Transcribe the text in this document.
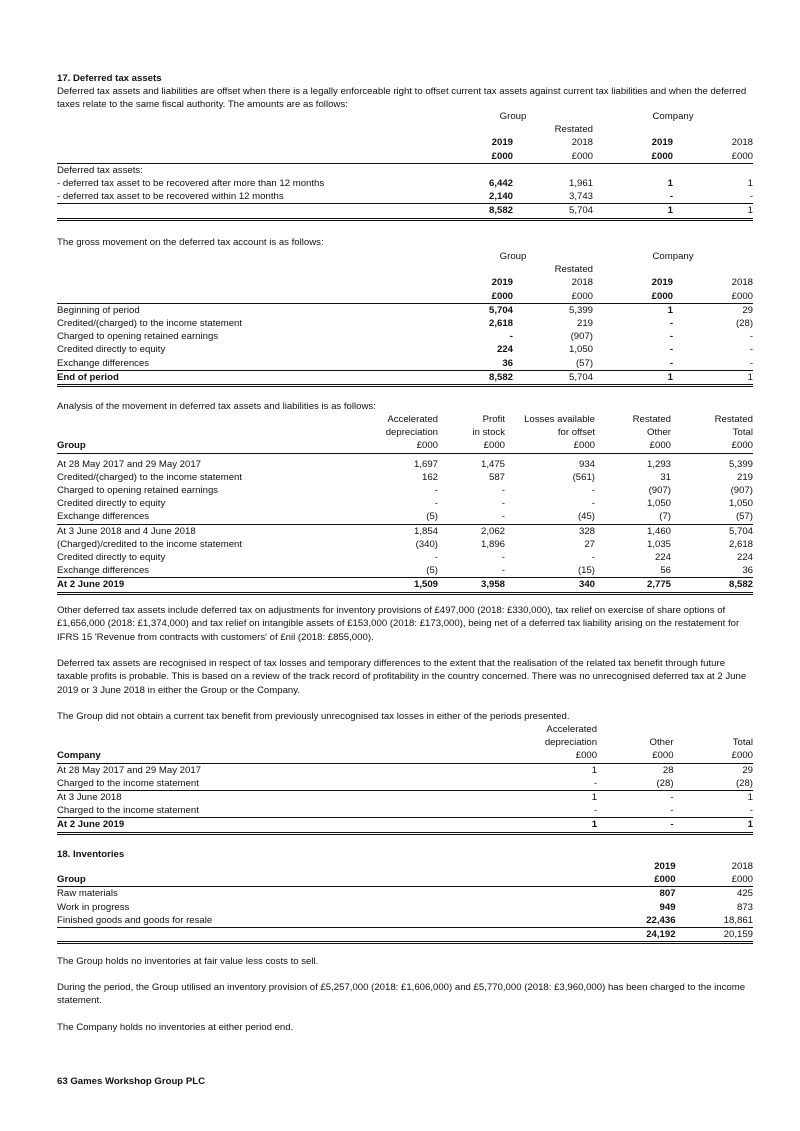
17. Deferred tax assets

Deferred tax assets and liabilities are offset when there is a legally enforceable right to offset current tax assets against current tax liabilities and when the deferred taxes relate to the same fiscal authority. The amounts are as follows:

	Group		Company	
		Restated		
	2019	2018	2019	2018
	£000	£000	£000	£000
Deferred tax assets:				
- deferred tax asset to be recovered after more than 12 months	6,442	1,961	1	1
- deferred tax asset to be recovered within 12 months	2,140	3,743	-	-
	8,582	5,704	1	1

The gross movement on the deferred tax account is as follows:

	Group		Company	
		Restated		
	2019	2018	2019	2018
	£000	£000	£000	£000
Beginning of period	5,704	5,399	1	29
Credited/(charged) to the income statement	2,618	219	-	(28)
Charged to opening retained earnings	-	(907)	-	-
Credited directly to equity	224	1,050	-	-
Exchange differences	36	(57)	-	-
End of period	8,582	5,704	1	1

Analysis of the movement in deferred tax assets and liabilities is as follows:

	Accelerated	Profit	Losses available	Restated	Restated
	depreciation	in stock	for offset	Other	Total
Group	£000	£000	£000	£000	£000

At 28 May 2017 and 29 May 2017	1,697	1,475	934	1,293	5,399
Credited/(charged) to the income statement	162	587	(561)	31	219
Charged to opening retained earnings	-	-	-	(907)	(907)
Credited directly to equity	-	-	-	1,050	1,050
Exchange differences	(5)	-	(45)	(7)	(57)
At 3 June 2018 and 4 June 2018	1,854	2,062	328	1,460	5,704
(Charged)/credited to the income statement	(340)	1,896	27	1,035	2,618
Credited directly to equity	-	-	-	224	224
Exchange differences	(5)	-	(15)	56	36
At 2 June 2019	1,509	3,958	340	2,775	8,582

Other deferred tax assets include deferred tax on adjustments for inventory provisions of £497,000 (2018: £330,000), tax relief on exercise of share options of £1,656,000 (2018: £1,374,000) and tax relief on intangible assets of £153,000 (2018: £173,000), being net of a deferred tax liability arising on the restatement for IFRS 15 'Revenue from contracts with customers' of £nil (2018: £855,000).

Deferred tax assets are recognised in respect of tax losses and temporary differences to the extent that the realisation of the related tax benefit through future taxable profits is probable. This is based on a review of the track record of profitability in the country concerned. There was no unrecognised deferred tax at 2 June 2019 or 3 June 2018 in either the Group or the Company.

The Group did not obtain a current tax benefit from previously unrecognised tax losses in either of the periods presented.

	Accelerated		
	depreciation	Other	Total
Company	£000	£000	£000
At 28 May 2017 and 29 May 2017	1	28	29
Charged to the income statement	-	(28)	(28)
At 3 June 2018	1	-	1
Charged to the income statement	-	-	-
At 2 June 2019	1	-	1
18. Inventories
	2019	2018
Group	£000	£000
Raw materials	807	425
Work in progress	949	873
Finished goods and goods for resale	22,436	18,861
	24,192	20,159

The Group holds no inventories at fair value less costs to sell.

During the period, the Group utilised an inventory provision of £5,257,000 (2018: £1,606,000) and £5,770,000 (2018: £3,960,000) has been charged to the income statement.

The Company holds no inventories at either period end.

63 Games Workshop Group PLC
